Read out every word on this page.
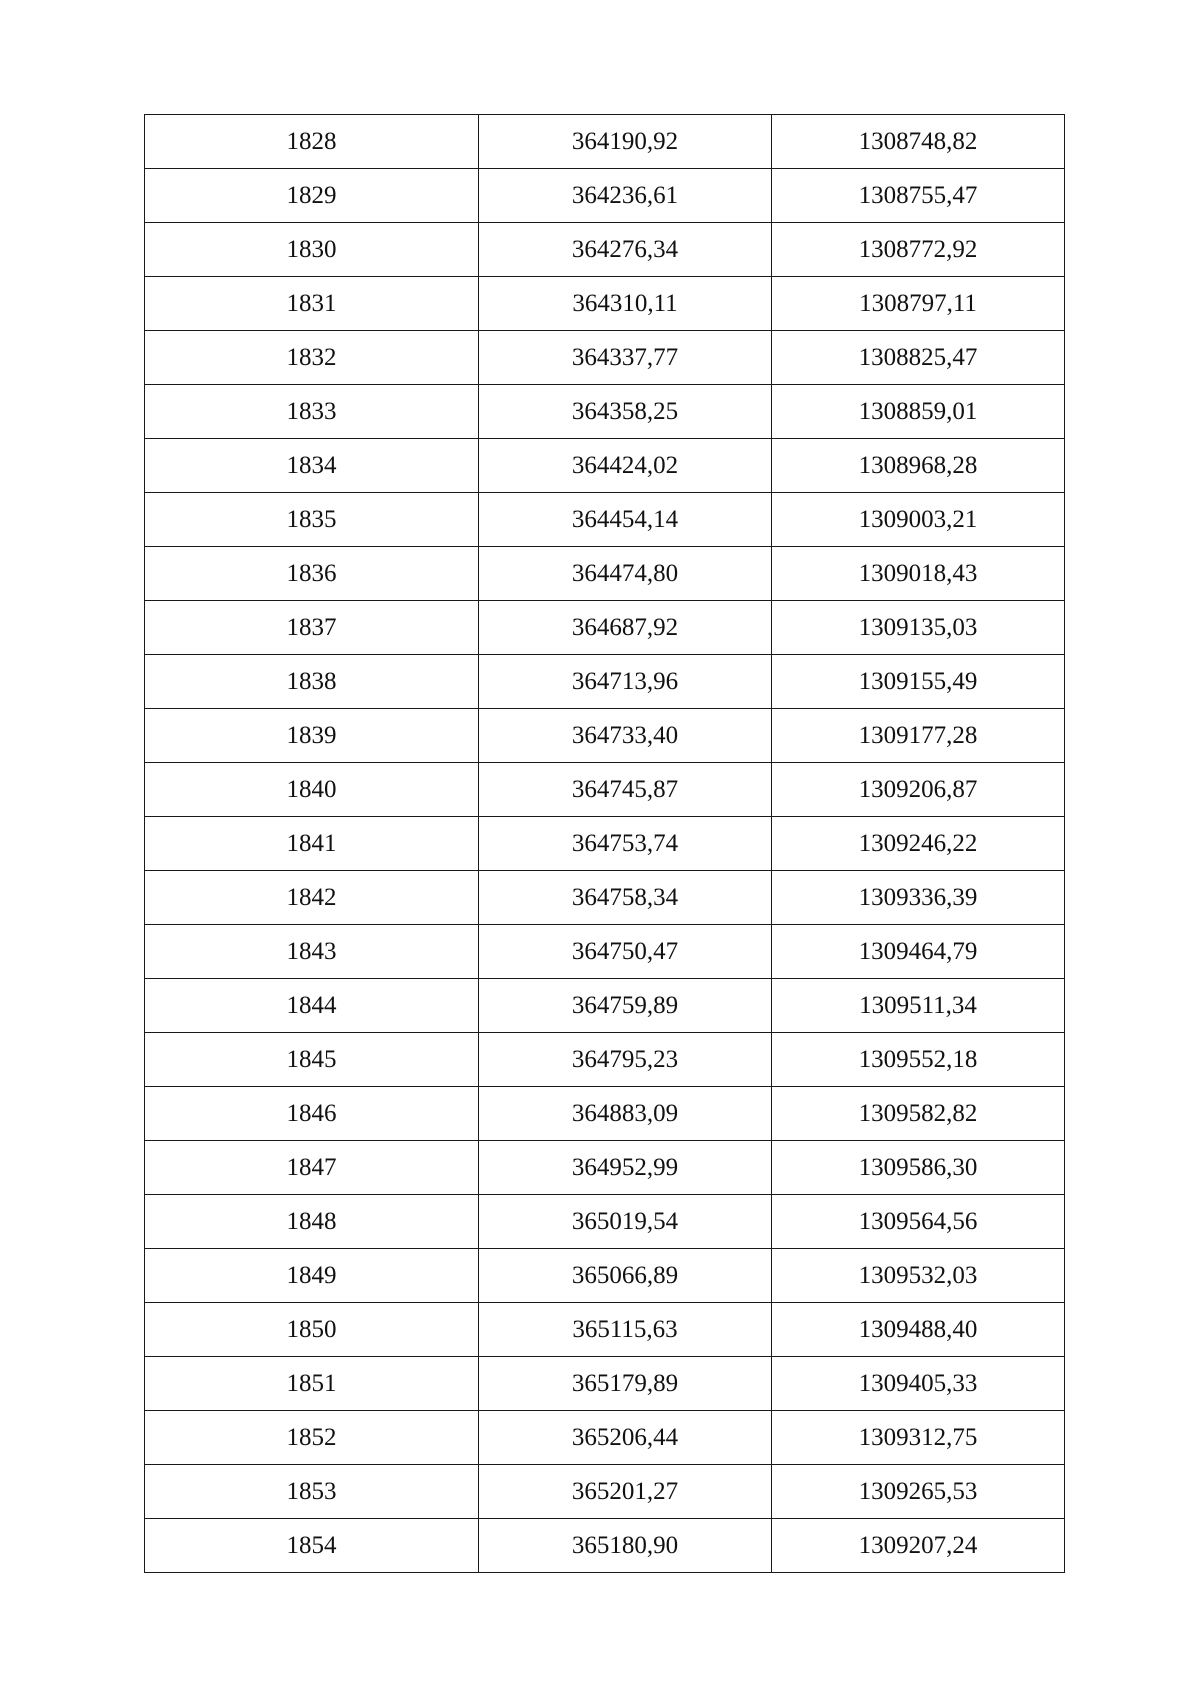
1828	364190,92	1308748,82
1829	364236,61	1308755,47
1830	364276,34	1308772,92
1831	364310,11	1308797,11
1832	364337,77	1308825,47
1833	364358,25	1308859,01
1834	364424,02	1308968,28
1835	364454,14	1309003,21
1836	364474,80	1309018,43
1837	364687,92	1309135,03
1838	364713,96	1309155,49
1839	364733,40	1309177,28
1840	364745,87	1309206,87
1841	364753,74	1309246,22
1842	364758,34	1309336,39
1843	364750,47	1309464,79
1844	364759,89	1309511,34
1845	364795,23	1309552,18
1846	364883,09	1309582,82
1847	364952,99	1309586,30
1848	365019,54	1309564,56
1849	365066,89	1309532,03
1850	365115,63	1309488,40
1851	365179,89	1309405,33
1852	365206,44	1309312,75
1853	365201,27	1309265,53
1854	365180,90	1309207,24
